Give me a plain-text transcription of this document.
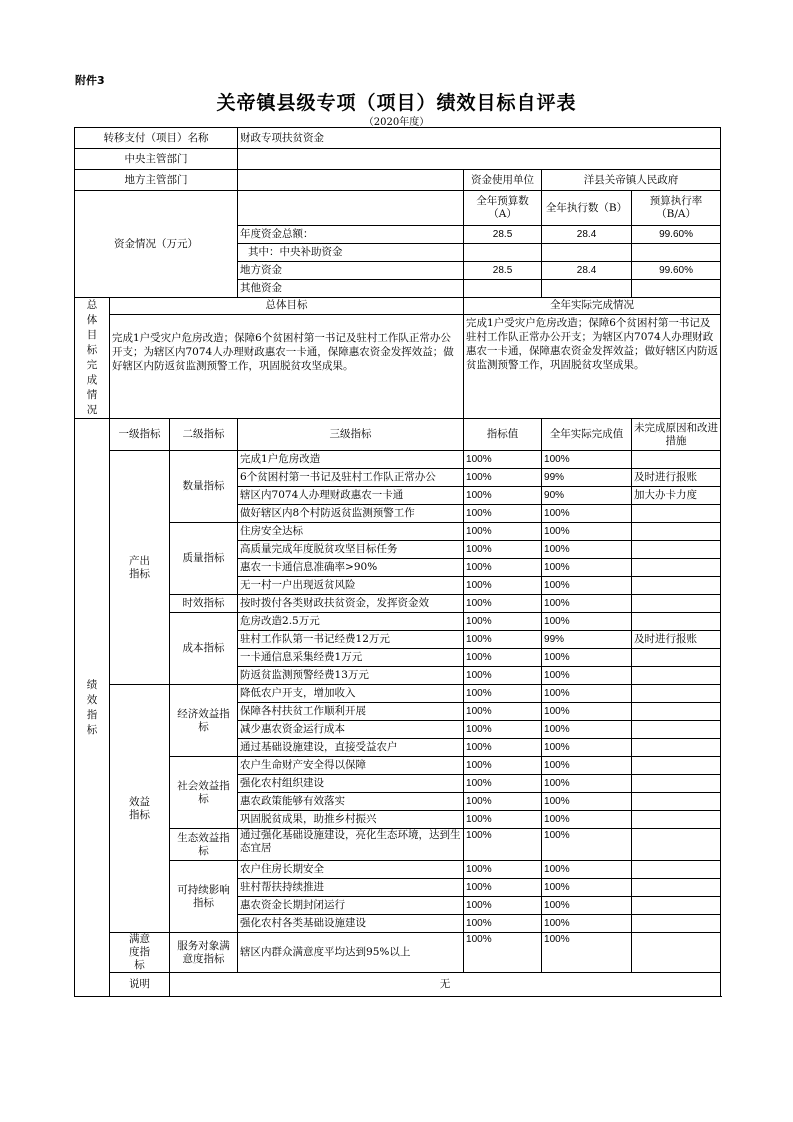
附件3
关帝镇县级专项（项目）绩效目标自评表
（2020年度）
转移支付（项目）名称			财政专项扶贫资金			
中央主管部门						
地方主管部门				资金使用单位	洋县关帝镇人民政府	
资金情况（万元）				全年预算数（A）	全年执行数（B）	预算执行率（B/A）
			年度资金总额：	28.5	28.4	99.60%
			其中：中央补助资金			
			地方资金	28.5	28.4	99.60%
			其他资金			

总体目标完成情况	总体目标			全年实际完成情况		
	完成1户受灾户危房改造；保障6个贫困村第一书记及驻村工作队正常办公开支；为辖区内7074人办理财政惠农一卡通，保障惠农资金发挥效益；做好辖区内防返贫监测预警工作，巩固脱贫攻坚成果。			完成1户受灾户危房改造；保障6个贫困村第一书记及驻村工作队正常办公开支；为辖区内7074人办理财政惠农一卡通，保障惠农资金发挥效益；做好辖区内防返贫监测预警工作，巩固脱贫攻坚成果。		

绩效指标	一级指标	二级指标	三级指标	指标值	全年实际完成值	未完成原因和改进措施
	产出指标	数量指标	完成1户危房改造	100%	100%	
			6个贫困村第一书记及驻村工作队正常办公	100%	99%	及时进行报账
			辖区内7074人办理财政惠农一卡通	100%	90%	加大办卡力度
			做好辖区内8个村防返贫监测预警工作	100%	100%	
		质量指标	住房安全达标	100%	100%	
			高质量完成年度脱贫攻坚目标任务	100%	100%	
			惠农一卡通信息准确率>90%	100%	100%	
			无一村一户出现返贫风险	100%	100%	
		时效指标	按时拨付各类财政扶贫资金，发挥资金效	100%	100%	
		成本指标	危房改造2.5万元	100%	100%	
			驻村工作队第一书记经费12万元	100%	99%	及时进行报账
			一卡通信息采集经费1万元	100%	100%	
			防返贫监测预警经费13万元	100%	100%	
	效益指标	经济效益指标	降低农户开支，增加收入	100%	100%	
			保障各村扶贫工作顺利开展	100%	100%	
			减少惠农资金运行成本	100%	100%	
			通过基础设施建设，直接受益农户	100%	100%	
		社会效益指标	农户生命财产安全得以保障	100%	100%	
			强化农村组织建设	100%	100%	
			惠农政策能够有效落实	100%	100%	
			巩固脱贫成果，助推乡村振兴	100%	100%	
		生态效益指标	通过强化基础设施建设，亮化生态环境，达到生态宜居	100%	100%	
		可持续影响指标	农户住房长期安全	100%	100%	
			驻村帮扶持续推进	100%	100%	
			惠农资金长期封闭运行	100%	100%	
			强化农村各类基础设施建设	100%	100%	
	满意度指标	服务对象满意度指标	辖区内群众满意度平均达到95%以上	100%	100%	
	说明	无				
